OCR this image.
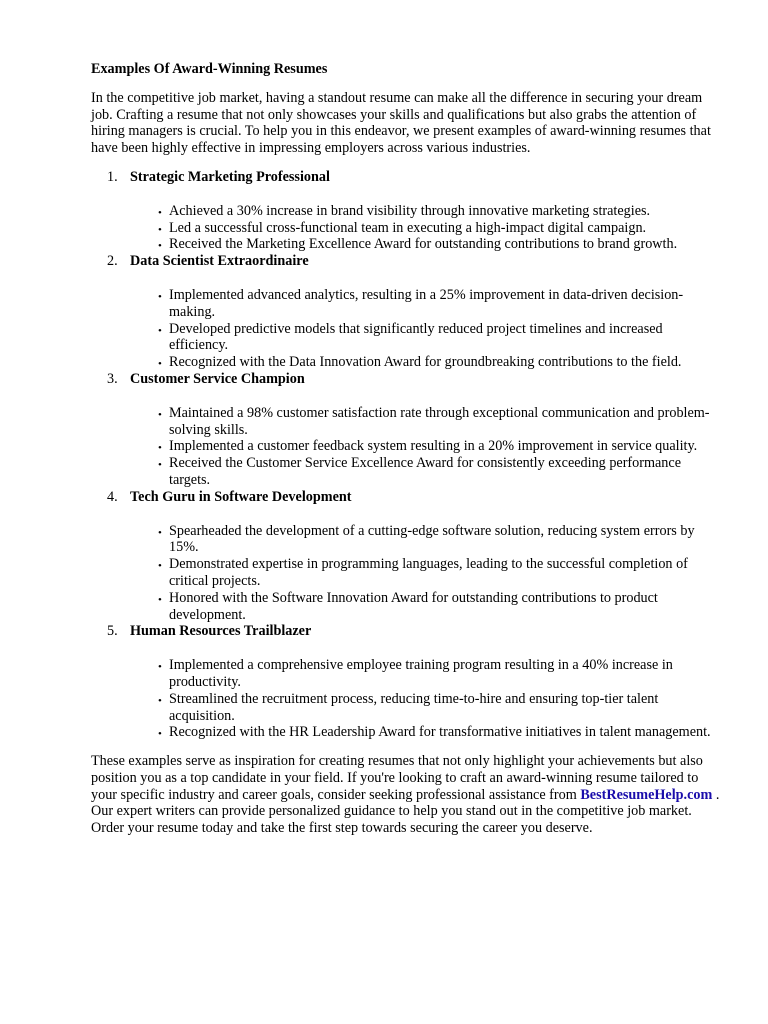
Examples Of Award-Winning Resumes

In the competitive job market, having a standout resume can make all the difference in securing your dream job. Crafting a resume that not only showcases your skills and qualifications but also grabs the attention of hiring managers is crucial. To help you in this endeavor, we present examples of award-winning resumes that have been highly effective in impressing employers across various industries.

1. Strategic Marketing Professional
• Achieved a 30% increase in brand visibility through innovative marketing strategies.
• Led a successful cross-functional team in executing a high-impact digital campaign.
• Received the Marketing Excellence Award for outstanding contributions to brand growth.
2. Data Scientist Extraordinaire
• Implemented advanced analytics, resulting in a 25% improvement in data-driven decision-making.
• Developed predictive models that significantly reduced project timelines and increased efficiency.
• Recognized with the Data Innovation Award for groundbreaking contributions to the field.
3. Customer Service Champion
• Maintained a 98% customer satisfaction rate through exceptional communication and problem-solving skills.
• Implemented a customer feedback system resulting in a 20% improvement in service quality.
• Received the Customer Service Excellence Award for consistently exceeding performance targets.
4. Tech Guru in Software Development
• Spearheaded the development of a cutting-edge software solution, reducing system errors by 15%.
• Demonstrated expertise in programming languages, leading to the successful completion of critical projects.
• Honored with the Software Innovation Award for outstanding contributions to product development.
5. Human Resources Trailblazer
• Implemented a comprehensive employee training program resulting in a 40% increase in productivity.
• Streamlined the recruitment process, reducing time-to-hire and ensuring top-tier talent acquisition.
• Recognized with the HR Leadership Award for transformative initiatives in talent management.

These examples serve as inspiration for creating resumes that not only highlight your achievements but also position you as a top candidate in your field. If you're looking to craft an award-winning resume tailored to your specific industry and career goals, consider seeking professional assistance from BestResumeHelp.com . Our expert writers can provide personalized guidance to help you stand out in the competitive job market. Order your resume today and take the first step towards securing the career you deserve.
